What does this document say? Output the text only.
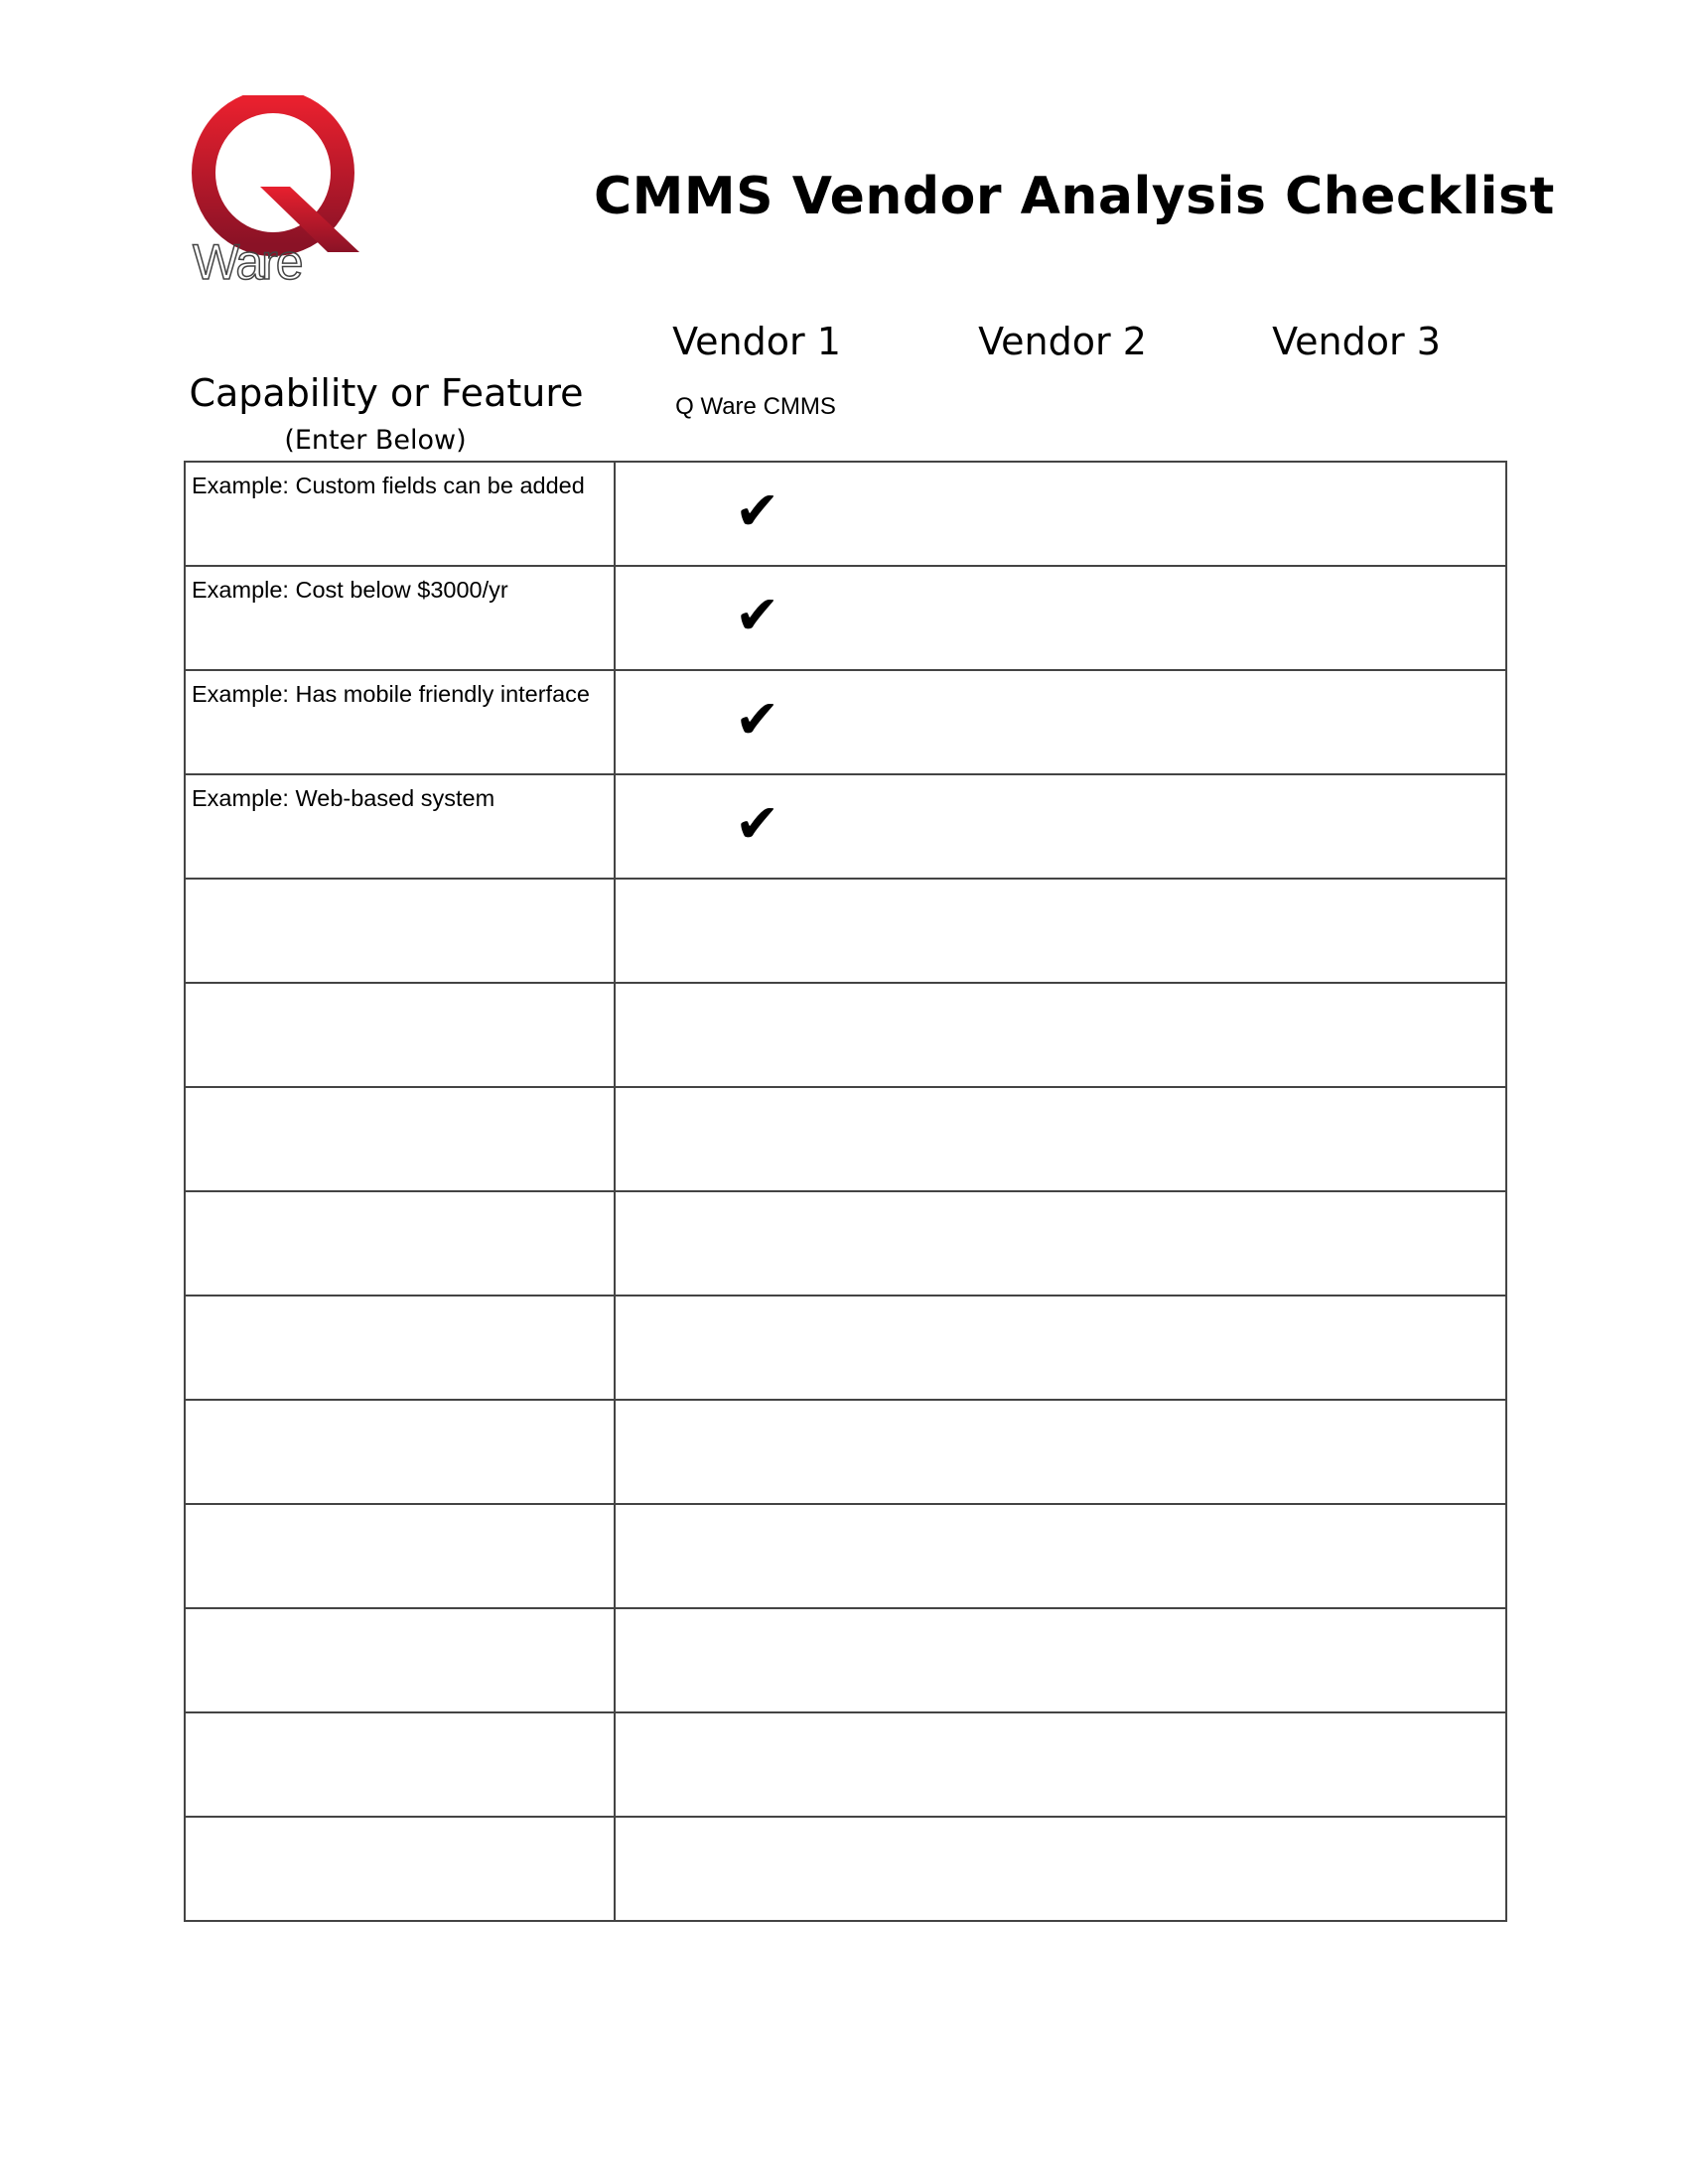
Ware
CMMS Vendor Analysis Checklist
Vendor 1	Vendor 2	Vendor 3
Q Ware CMMS
Capability or Feature
(Enter Below)
Example: Custom fields can be added	✔

Example: Cost below $3000/yr	✔

Example: Has mobile friendly interface	✔

Example: Web-based system	✔
